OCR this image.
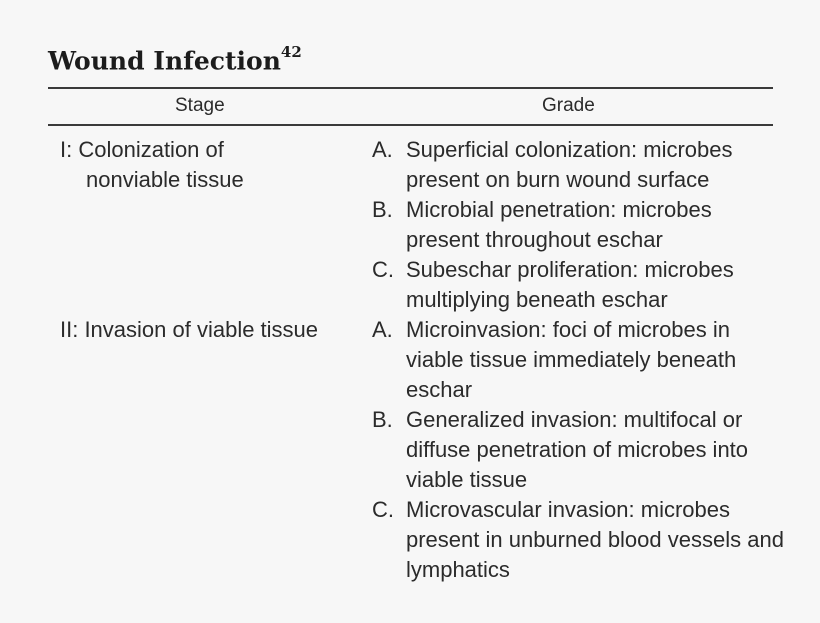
Wound Infection$^{42}$
Stage	Grade
I: Colonization of
nonviable tissue
A. Superficial colonization: microbes present on burn wound surface
B. Microbial penetration: microbes present throughout eschar
C. Subeschar proliferation: microbes multiplying beneath eschar
II: Invasion of viable tissue	A. Microinvasion: foci of microbes in viable tissue immediately beneath eschar
B. Generalized invasion: multifocal or diffuse penetration of microbes into viable tissue
C. Microvascular invasion: microbes present in unburned blood vessels and lymphatics
